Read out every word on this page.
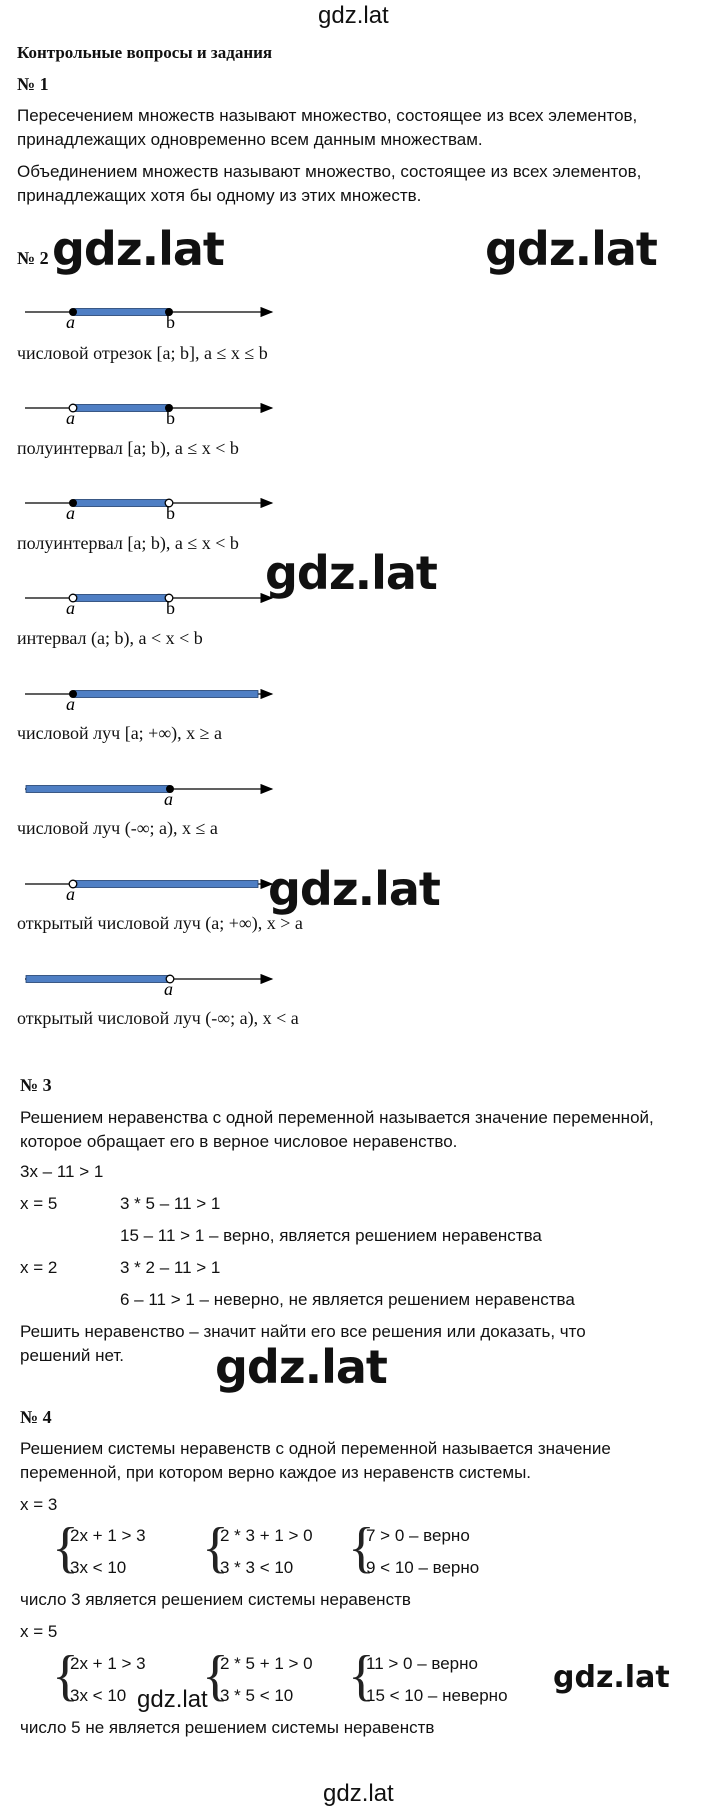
gdz.lat
Контрольные вопросы и задания
№ 1
Пересечением множеств называют множество, состоящее из всех элементов,
принадлежащих одновременно всем данным множествам.
Объединением множеств называют множество, состоящее из всех элементов,
принадлежащих хотя бы одному из этих множеств.
№ 2 gdz.lat	gdz.lat
a	b
a	b
a	b
a	b
a
a
a
a
числовой отрезок [a; b], a ≤ x ≤ b
полуинтервал [a; b), a ≤ x < b
полуинтервал [a; b), a ≤ x < b
gdz.lat
интервал (a; b), a < x < b
числовой луч [a; +∞), x ≥ a
числовой луч (-∞; a), x ≤ a
открытый числовой луч (a; +∞), x > a
gdz.lat
открытый числовой луч (-∞; a), x < a
№ 3
Решением неравенства с одной переменной называется значение переменной,
которое обращает его в верное числовое неравенство.
3x – 11 > 1
x = 5	3 * 5 – 11 > 1
15 – 11 > 1 – верно, является решением неравенства
x = 2	3 * 2 – 11 > 1
6 – 11 > 1 – неверно, не является решением неравенства
Решить неравенство – значит найти его все решения или доказать, что
решений нет. gdz.lat
№ 4
Решением системы неравенств с одной переменной называется значение
переменной, при котором верно каждое из неравенств системы.
x = 3
{
2x + 1 > 3
3x < 10 {
2 * 3 + 1 > 0
3 * 3 < 10 {
7 > 0 – верно
9 < 10 – верно
число 3 является решением системы неравенств
x = 5
{
2x + 1 > 3
3x < 10 gdz.lat
{
2 * 5 + 1 > 0
3 * 5 < 10 {
11 > 0 – верно
15 < 10 – неверно
gdz.lat
число 5 не является решением системы неравенств
gdz.lat
